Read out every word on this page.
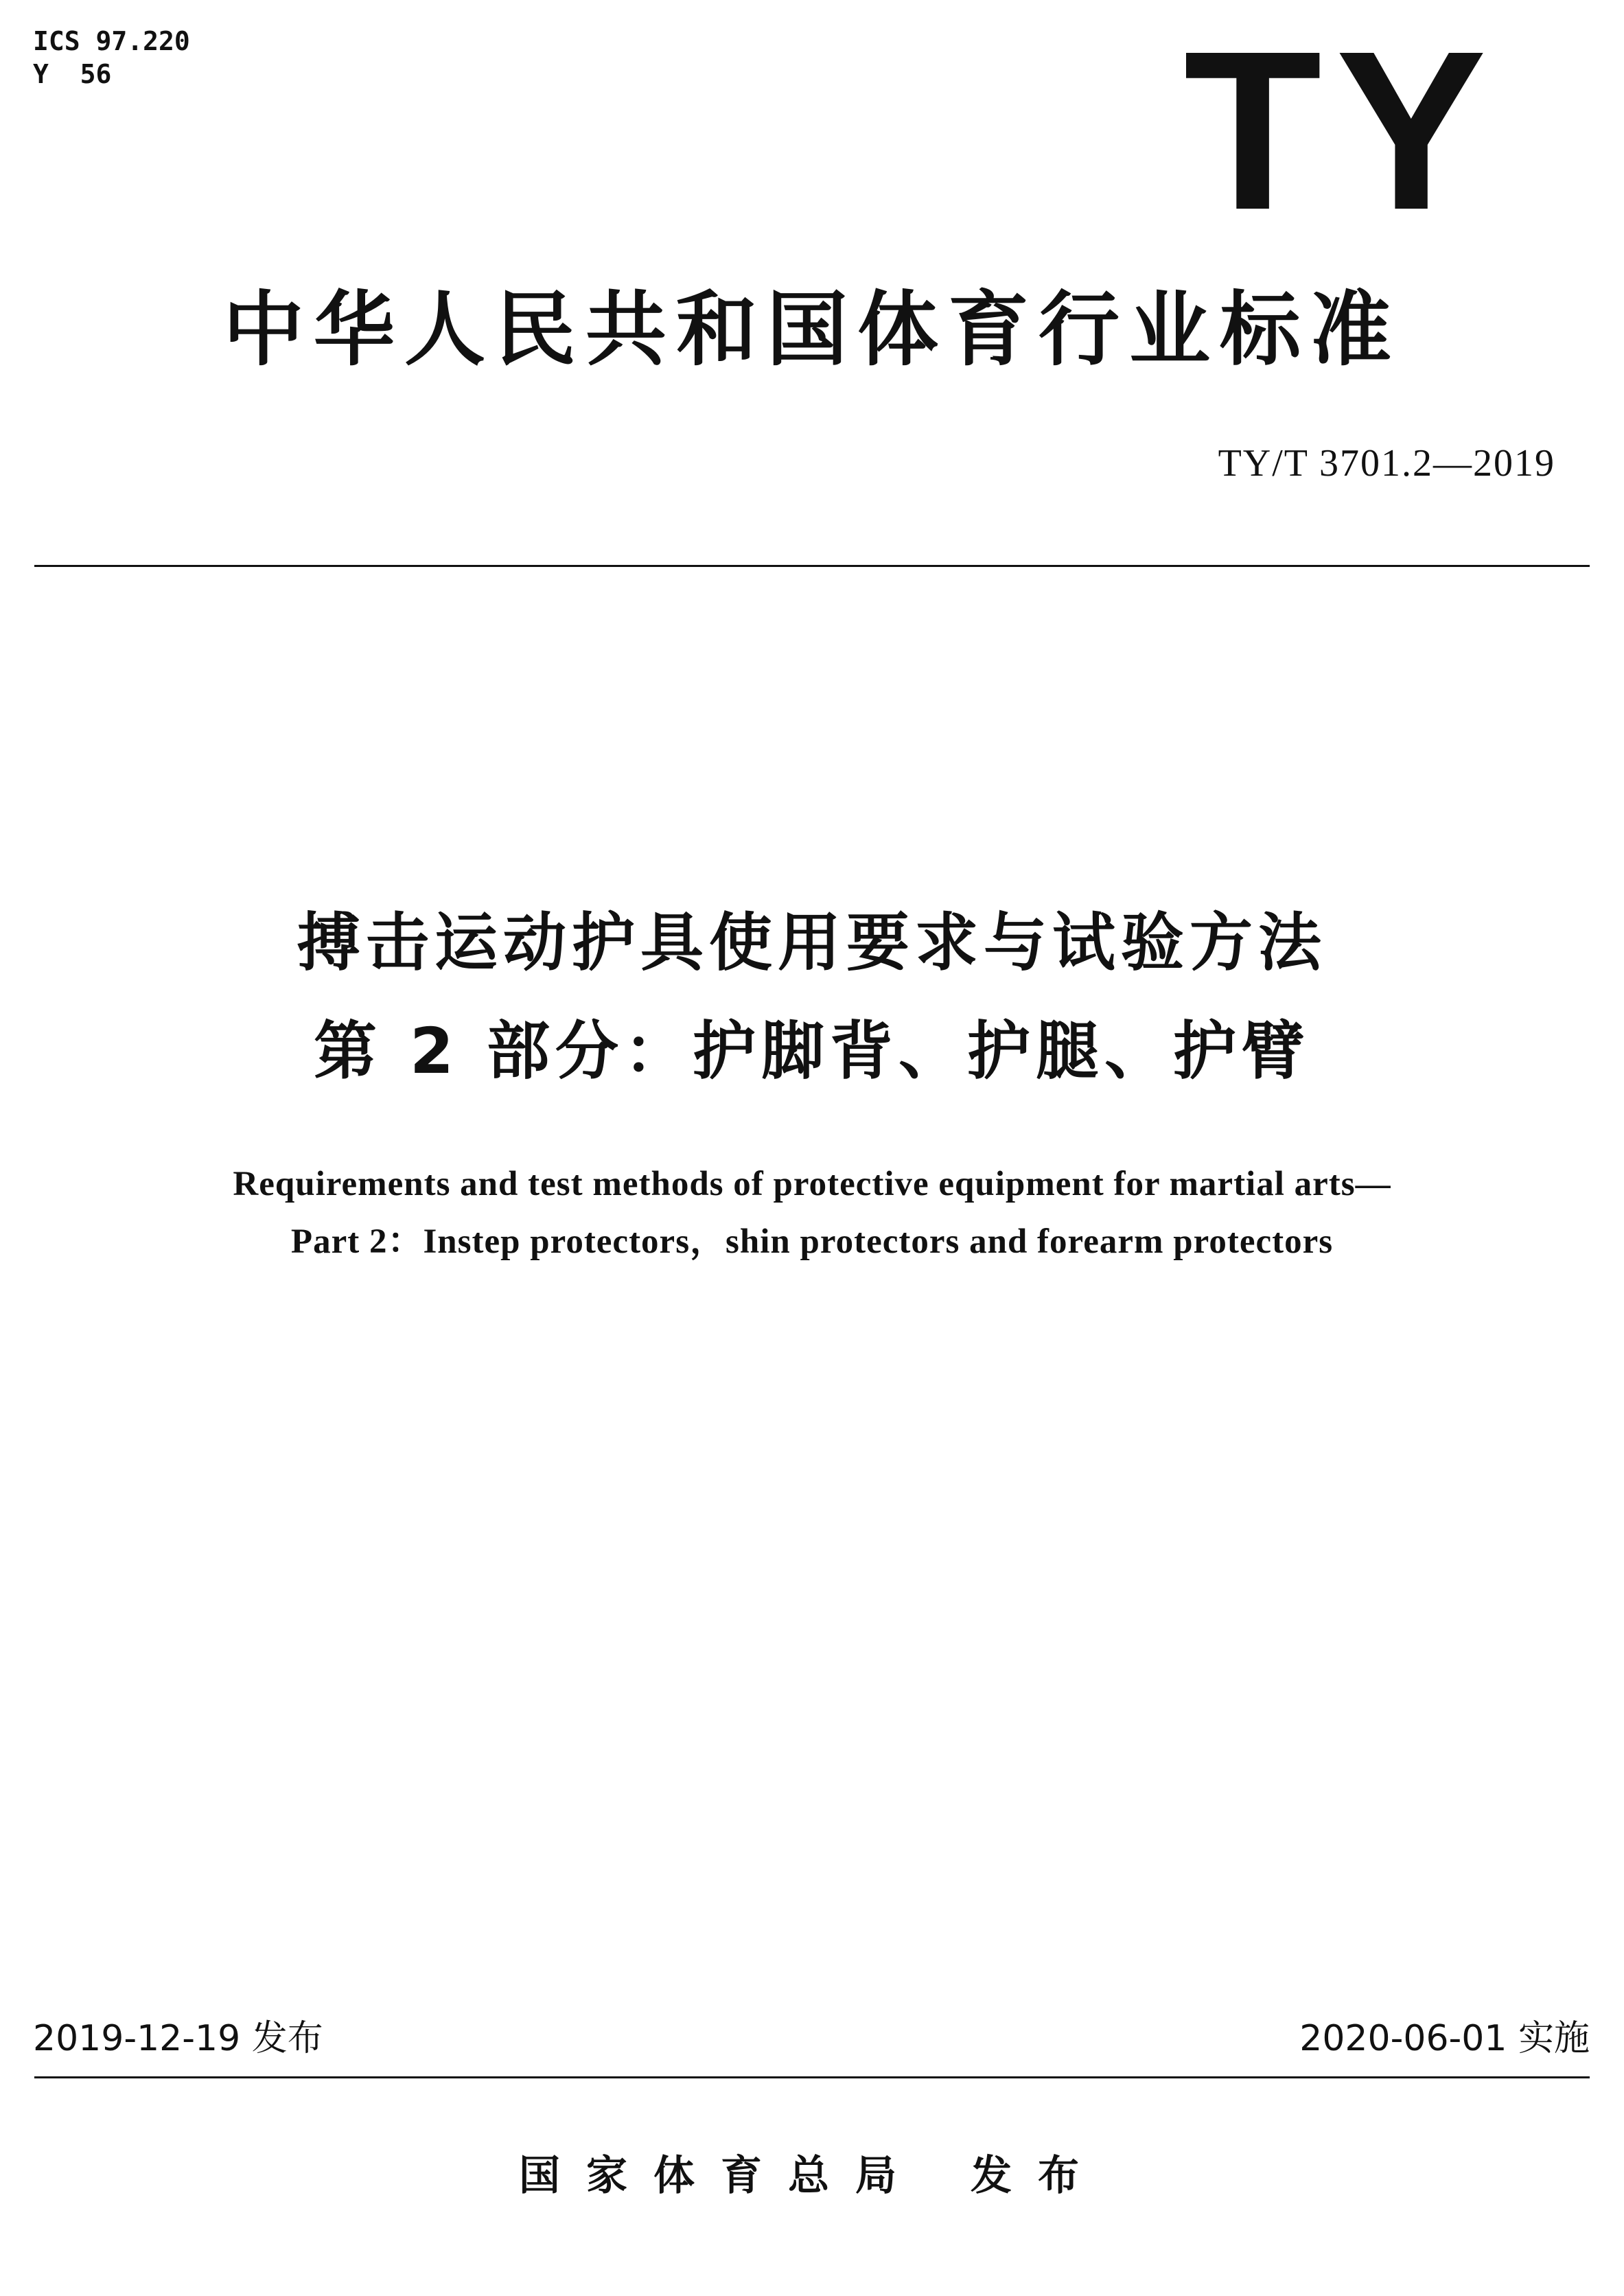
ICS 97.220
Y  56	TY
中华人民共和国体育行业标准
TY/T 3701.2—2019
搏击运动护具使用要求与试验方法
第 2 部分：护脚背、护腿、护臂
Requirements and test methods of protective equipment for martial arts—
Part 2：Instep protectors，shin protectors and forearm protectors
2019-12-19 发布	2020-06-01 实施
国家体育总局 发布
